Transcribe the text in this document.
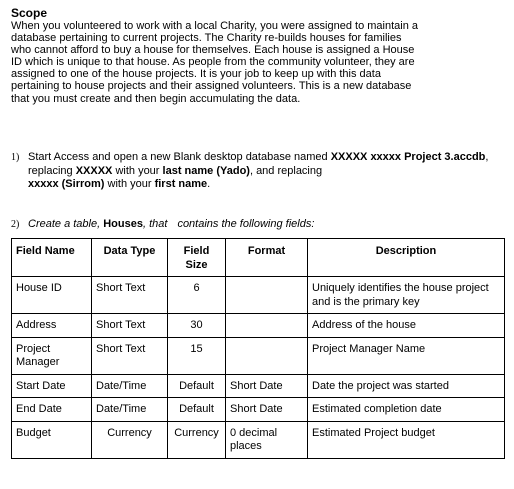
Scope
When you volunteered to work with a local Charity, you were assigned to maintain a
database pertaining to current projects. The Charity re-builds houses for families
who cannot afford to buy a house for themselves. Each house is assigned a House
ID which is unique to that house. As people from the community volunteer, they are
assigned to one of the house projects. It is your job to keep up with this data
pertaining to house projects and their assigned volunteers. This is a new database
that you must create and then begin accumulating the data.
1) Start Access and open a new Blank desktop database named XXXXX xxxxx Project 3.accdb, replacing XXXXX with your last name (Yado), and replacing
xxxxx (Sirrom) with your first name.
2) Create a table, Houses, that contains the following fields:
Field Name	Data Type	Field Size	Format	Description
House ID	Short Text	6		Uniquely identifies the house project and is the primary key
Address	Short Text	30		Address of the house
Project Manager	Short Text	15		Project Manager Name
Start Date	Date/Time	Default	Short Date	Date the project was started
End Date	Date/Time	Default	Short Date	Estimated completion date
Budget	Currency	Currency	0 decimal places	Estimated Project budget
